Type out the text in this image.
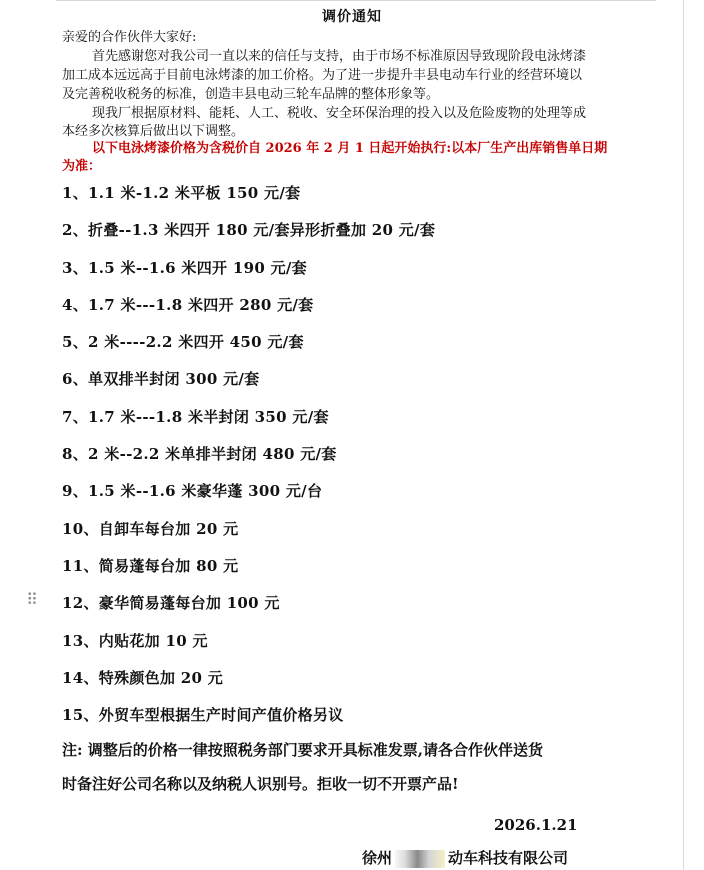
调价通知
亲爱的合作伙伴大家好:
首先感谢您对我公司一直以来的信任与支持，由于市场不标准原因导致现阶段电泳烤漆
加工成本远远高于目前电泳烤漆的加工价格。为了进一步提升丰县电动车行业的经营环境以
及完善税收税务的标准，创造丰县电动三轮车品牌的整体形象等。
现我厂根据原材料、能耗、人工、税收、安全环保治理的投入以及危险废物的处理等成
本经多次核算后做出以下调整。
以下电泳烤漆价格为含税价自 2026 年 2 月 1 日起开始执行:以本厂生产出库销售单日期
为准：
1、1.1 米-1.2 米平板 150 元/套
2、折叠--1.3 米四开 180 元/套异形折叠加 20 元/套
3、1.5 米--1.6 米四开 190 元/套
4、1.7 米---1.8 米四开 280 元/套
5、2 米----2.2 米四开 450 元/套
6、单双排半封闭 300 元/套
7、1.7 米---1.8 米半封闭 350 元/套
8、2 米--2.2 米单排半封闭 480 元/套
9、1.5 米--1.6 米豪华蓬 300 元/台
10、自卸车每台加 20 元
11、简易蓬每台加 80 元
12、豪华简易蓬每台加 100 元
13、内贴花加 10 元
14、特殊颜色加 20 元
15、外贸车型根据生产时间产值价格另议
⠿
注: 调整后的价格一律按照税务部门要求开具标准发票,请各合作伙伴送货
时备注好公司名称以及纳税人识别号。拒收一切不开票产品!
2026.1.21
徐州	动车科技有限公司
